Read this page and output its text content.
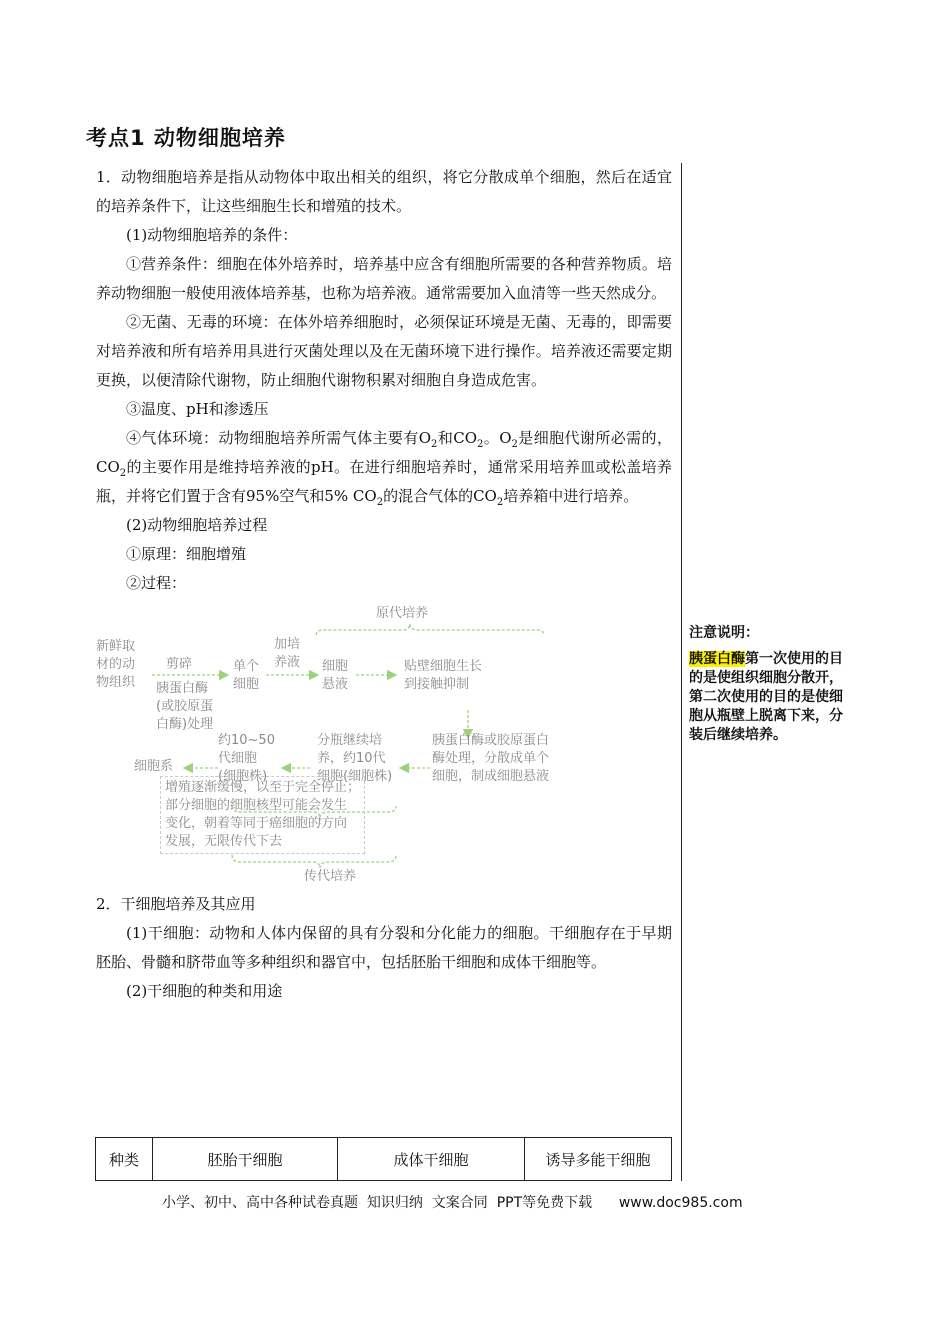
考点1 动物细胞培养

1．动物细胞培养是指从动物体中取出相关的组织，将它分散成单个细胞，然后在适宜的培养条件下，让这些细胞生长和增殖的技术。

(1)动物细胞培养的条件：

①营养条件：细胞在体外培养时，培养基中应含有细胞所需要的各种营养物质。培养动物细胞一般使用液体培养基，也称为培养液。通常需要加入血清等一些天然成分。

②无菌、无毒的环境：在体外培养细胞时，必须保证环境是无菌、无毒的，即需要对培养液和所有培养用具进行灭菌处理以及在无菌环境下进行操作。培养液还需要定期更换，以便清除代谢物，防止细胞代谢物积累对细胞自身造成危害。

③温度、pH和渗透压

④气体环境：动物细胞培养所需气体主要有$O_2$和$CO_2$。$O_2$是细胞代谢所必需的，$CO_2$的主要作用是维持培养液的pH。在进行细胞培养时，通常采用培养皿或松盖培养瓶，并将它们置于含有95%空气和5% $CO_2$的混合气体的$CO_2$培养箱中进行培养。

(2)动物细胞培养过程

①原理：细胞增殖

②过程：

新鲜取
材的动
物组织
剪碎
胰蛋白酶
(或胶原蛋
白酶)处理
单个
细胞
加培
养液 细胞
悬液
原代培养
贴壁细胞生长
到接触抑制
胰蛋白酶或胶原蛋白
酶处理，分散成单个
细胞，制成细胞悬液
分瓶继续培
养，约10代
细胞(细胞株)
约10~50
代细胞
(细胞株)
细胞系
增殖逐渐缓慢，以至于完全停止；
部分细胞的细胞核型可能会发生
变化，朝着等同于癌细胞的方向
发展，无限传代下去
传代培养

2．干细胞培养及其应用

(1)干细胞：动物和人体内保留的具有分裂和分化能力的细胞。干细胞存在于早期胚胎、骨髓和脐带血等多种组织和器官中，包括胚胎干细胞和成体干细胞等。

(2)干细胞的种类和用途

种类	胚胎干细胞	成体干细胞	诱导多能干细胞
注意说明：
胰蛋白酶第一次使用的目的是使组织细胞分散开，第二次使用的目的是使细胞从瓶壁上脱离下来，分装后继续培养。
小学、初中、高中各种试卷真题  知识归纳  文案合同  PPT等免费下载 www.doc985.com
